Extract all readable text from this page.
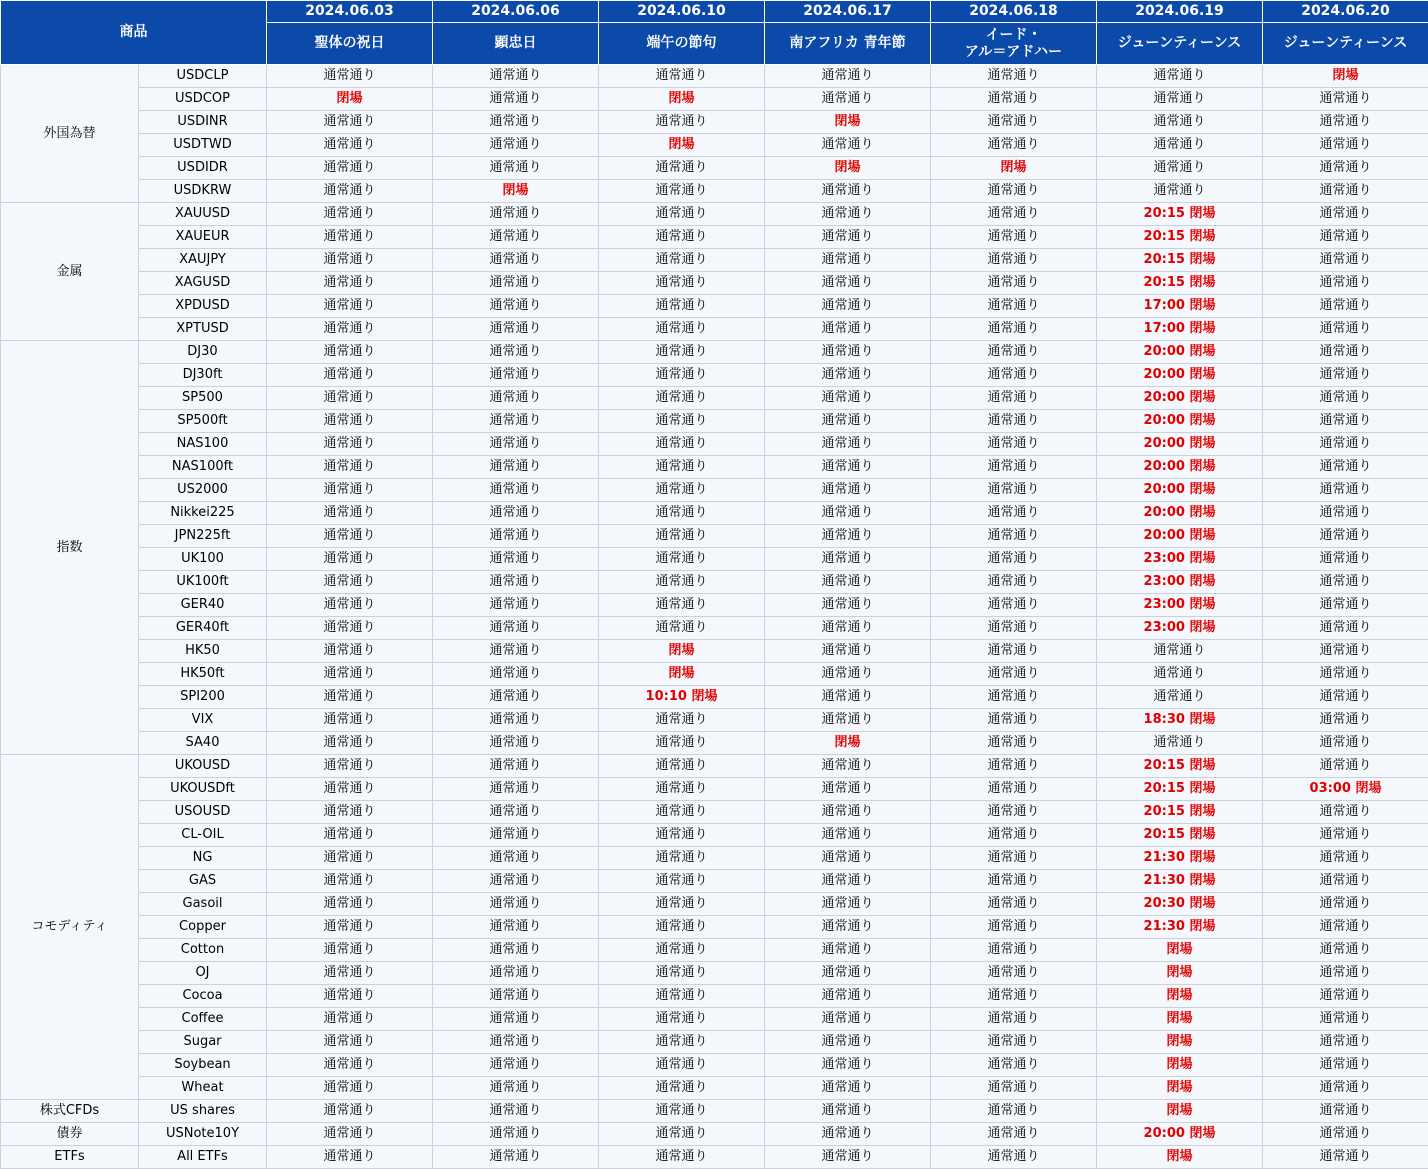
商品		2024.06.03	2024.06.06	2024.06.10	2024.06.17	2024.06.18	2024.06.19	2024.06.20
		聖体の祝日	顕忠日	端午の節句	南アフリカ 青年節	イード・
アル＝アドハー	ジューンティーンス	ジューンティーンス
外国為替	USDCLP	通常通り	通常通り	通常通り	通常通り	通常通り	通常通り	閉場
	USDCOP	閉場	通常通り	閉場	通常通り	通常通り	通常通り	通常通り
	USDINR	通常通り	通常通り	通常通り	閉場	通常通り	通常通り	通常通り
	USDTWD	通常通り	通常通り	閉場	通常通り	通常通り	通常通り	通常通り
	USDIDR	通常通り	通常通り	通常通り	閉場	閉場	通常通り	通常通り
	USDKRW	通常通り	閉場	通常通り	通常通り	通常通り	通常通り	通常通り
金属	XAUUSD	通常通り	通常通り	通常通り	通常通り	通常通り	20:15 閉場	通常通り
	XAUEUR	通常通り	通常通り	通常通り	通常通り	通常通り	20:15 閉場	通常通り
	XAUJPY	通常通り	通常通り	通常通り	通常通り	通常通り	20:15 閉場	通常通り
	XAGUSD	通常通り	通常通り	通常通り	通常通り	通常通り	20:15 閉場	通常通り
	XPDUSD	通常通り	通常通り	通常通り	通常通り	通常通り	17:00 閉場	通常通り
	XPTUSD	通常通り	通常通り	通常通り	通常通り	通常通り	17:00 閉場	通常通り
指数	DJ30	通常通り	通常通り	通常通り	通常通り	通常通り	20:00 閉場	通常通り
	DJ30ft	通常通り	通常通り	通常通り	通常通り	通常通り	20:00 閉場	通常通り
	SP500	通常通り	通常通り	通常通り	通常通り	通常通り	20:00 閉場	通常通り
	SP500ft	通常通り	通常通り	通常通り	通常通り	通常通り	20:00 閉場	通常通り
	NAS100	通常通り	通常通り	通常通り	通常通り	通常通り	20:00 閉場	通常通り
	NAS100ft	通常通り	通常通り	通常通り	通常通り	通常通り	20:00 閉場	通常通り
	US2000	通常通り	通常通り	通常通り	通常通り	通常通り	20:00 閉場	通常通り
	Nikkei225	通常通り	通常通り	通常通り	通常通り	通常通り	20:00 閉場	通常通り
	JPN225ft	通常通り	通常通り	通常通り	通常通り	通常通り	20:00 閉場	通常通り
	UK100	通常通り	通常通り	通常通り	通常通り	通常通り	23:00 閉場	通常通り
	UK100ft	通常通り	通常通り	通常通り	通常通り	通常通り	23:00 閉場	通常通り
	GER40	通常通り	通常通り	通常通り	通常通り	通常通り	23:00 閉場	通常通り
	GER40ft	通常通り	通常通り	通常通り	通常通り	通常通り	23:00 閉場	通常通り
	HK50	通常通り	通常通り	閉場	通常通り	通常通り	通常通り	通常通り
	HK50ft	通常通り	通常通り	閉場	通常通り	通常通り	通常通り	通常通り
	SPI200	通常通り	通常通り	10:10 閉場	通常通り	通常通り	通常通り	通常通り
	VIX	通常通り	通常通り	通常通り	通常通り	通常通り	18:30 閉場	通常通り
	SA40	通常通り	通常通り	通常通り	閉場	通常通り	通常通り	通常通り
コモディティ	UKOUSD	通常通り	通常通り	通常通り	通常通り	通常通り	20:15 閉場	通常通り
	UKOUSDft	通常通り	通常通り	通常通り	通常通り	通常通り	20:15 閉場	03:00 閉場
	USOUSD	通常通り	通常通り	通常通り	通常通り	通常通り	20:15 閉場	通常通り
	CL-OIL	通常通り	通常通り	通常通り	通常通り	通常通り	20:15 閉場	通常通り
	NG	通常通り	通常通り	通常通り	通常通り	通常通り	21:30 閉場	通常通り
	GAS	通常通り	通常通り	通常通り	通常通り	通常通り	21:30 閉場	通常通り
	Gasoil	通常通り	通常通り	通常通り	通常通り	通常通り	20:30 閉場	通常通り
	Copper	通常通り	通常通り	通常通り	通常通り	通常通り	21:30 閉場	通常通り
	Cotton	通常通り	通常通り	通常通り	通常通り	通常通り	閉場	通常通り
	OJ	通常通り	通常通り	通常通り	通常通り	通常通り	閉場	通常通り
	Cocoa	通常通り	通常通り	通常通り	通常通り	通常通り	閉場	通常通り
	Coffee	通常通り	通常通り	通常通り	通常通り	通常通り	閉場	通常通り
	Sugar	通常通り	通常通り	通常通り	通常通り	通常通り	閉場	通常通り
	Soybean	通常通り	通常通り	通常通り	通常通り	通常通り	閉場	通常通り
	Wheat	通常通り	通常通り	通常通り	通常通り	通常通り	閉場	通常通り
株式CFDs	US shares	通常通り	通常通り	通常通り	通常通り	通常通り	閉場	通常通り
債券	USNote10Y	通常通り	通常通り	通常通り	通常通り	通常通り	20:00 閉場	通常通り
ETFs	All ETFs	通常通り	通常通り	通常通り	通常通り	通常通り	閉場	通常通り
